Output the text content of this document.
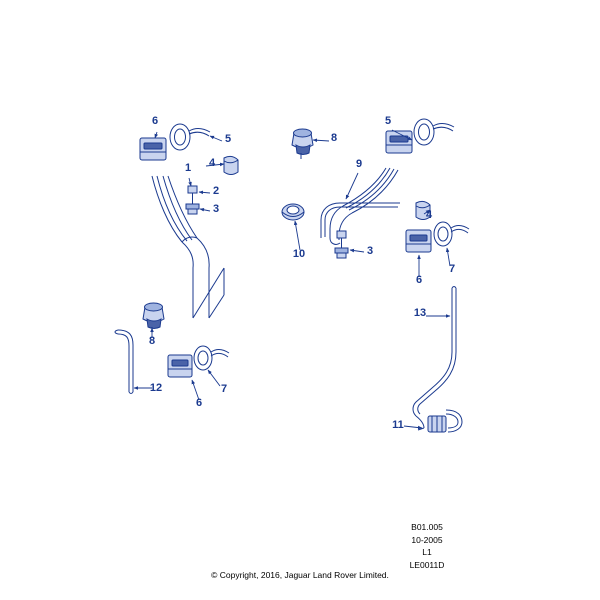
1
2
3
4
5
6
7
8
6
12
8
5
9
4
3
10
6
7
13
11
B01.005
10-2005
L1
LE0011D
© Copyright, 2016, Jaguar Land Rover Limited.
